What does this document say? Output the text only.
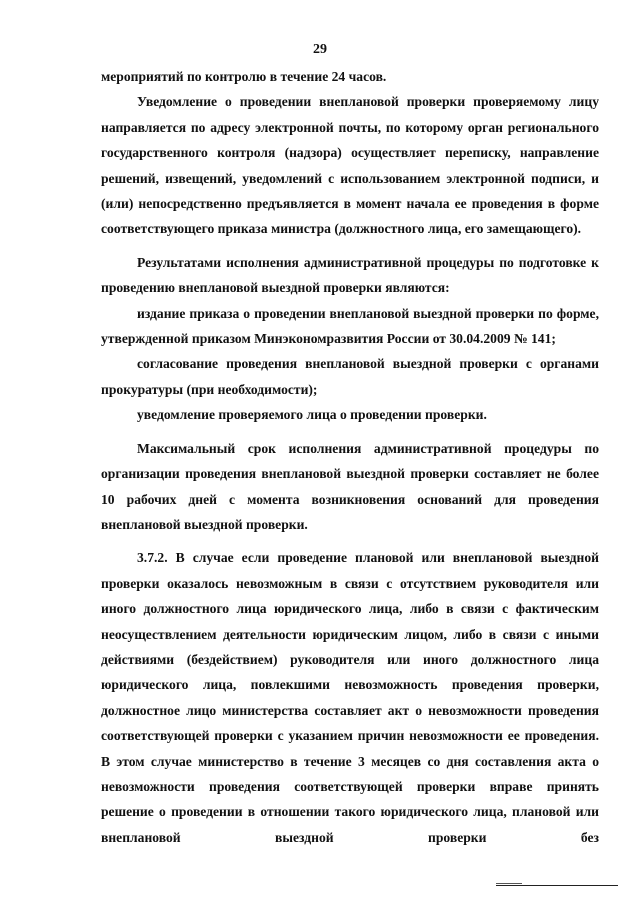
29

мероприятий по контролю в течение 24 часов.

Уведомление о проведении внеплановой проверки проверяемому лицу направляется по адресу электронной почты, по которому орган регионального государственного контроля (надзора) осуществляет переписку, направление решений, извещений, уведомлений с использованием электронной подписи, и (или) непосредственно предъявляется в момент начала ее проведения в форме соответствующего приказа министра (должностного лица, его замещающего).

Результатами исполнения административной процедуры по подготовке к проведению внеплановой выездной проверки являются:

издание приказа о проведении внеплановой выездной проверки по форме, утвержденной приказом Минэкономразвития России от 30.04.2009 № 141;

согласование проведения внеплановой выездной проверки с органами прокуратуры (при необходимости);

уведомление проверяемого лица о проведении проверки.

Максимальный срок исполнения административной процедуры по организации проведения внеплановой выездной проверки составляет не более 10 рабочих дней с момента возникновения оснований для проведения внеплановой выездной проверки.

3.7.2. В случае если проведение плановой или внеплановой выездной проверки оказалось невозможным в связи с отсутствием руководителя или иного должностного лица юридического лица, либо в связи с фактическим неосуществлением деятельности юридическим лицом, либо в связи с иными действиями (бездействием) руководителя или иного должностного лица юридического лица, повлекшими невозможность проведения проверки, должностное лицо министерства составляет акт о невозможности проведения соответствующей проверки с указанием причин невозможности ее проведения. В этом случае министерство в течение 3 месяцев со дня составления акта о невозможности проведения соответствующей проверки вправе принять решение о проведении в отношении такого юридического лица, плановой или внеплановой выездной проверки без
